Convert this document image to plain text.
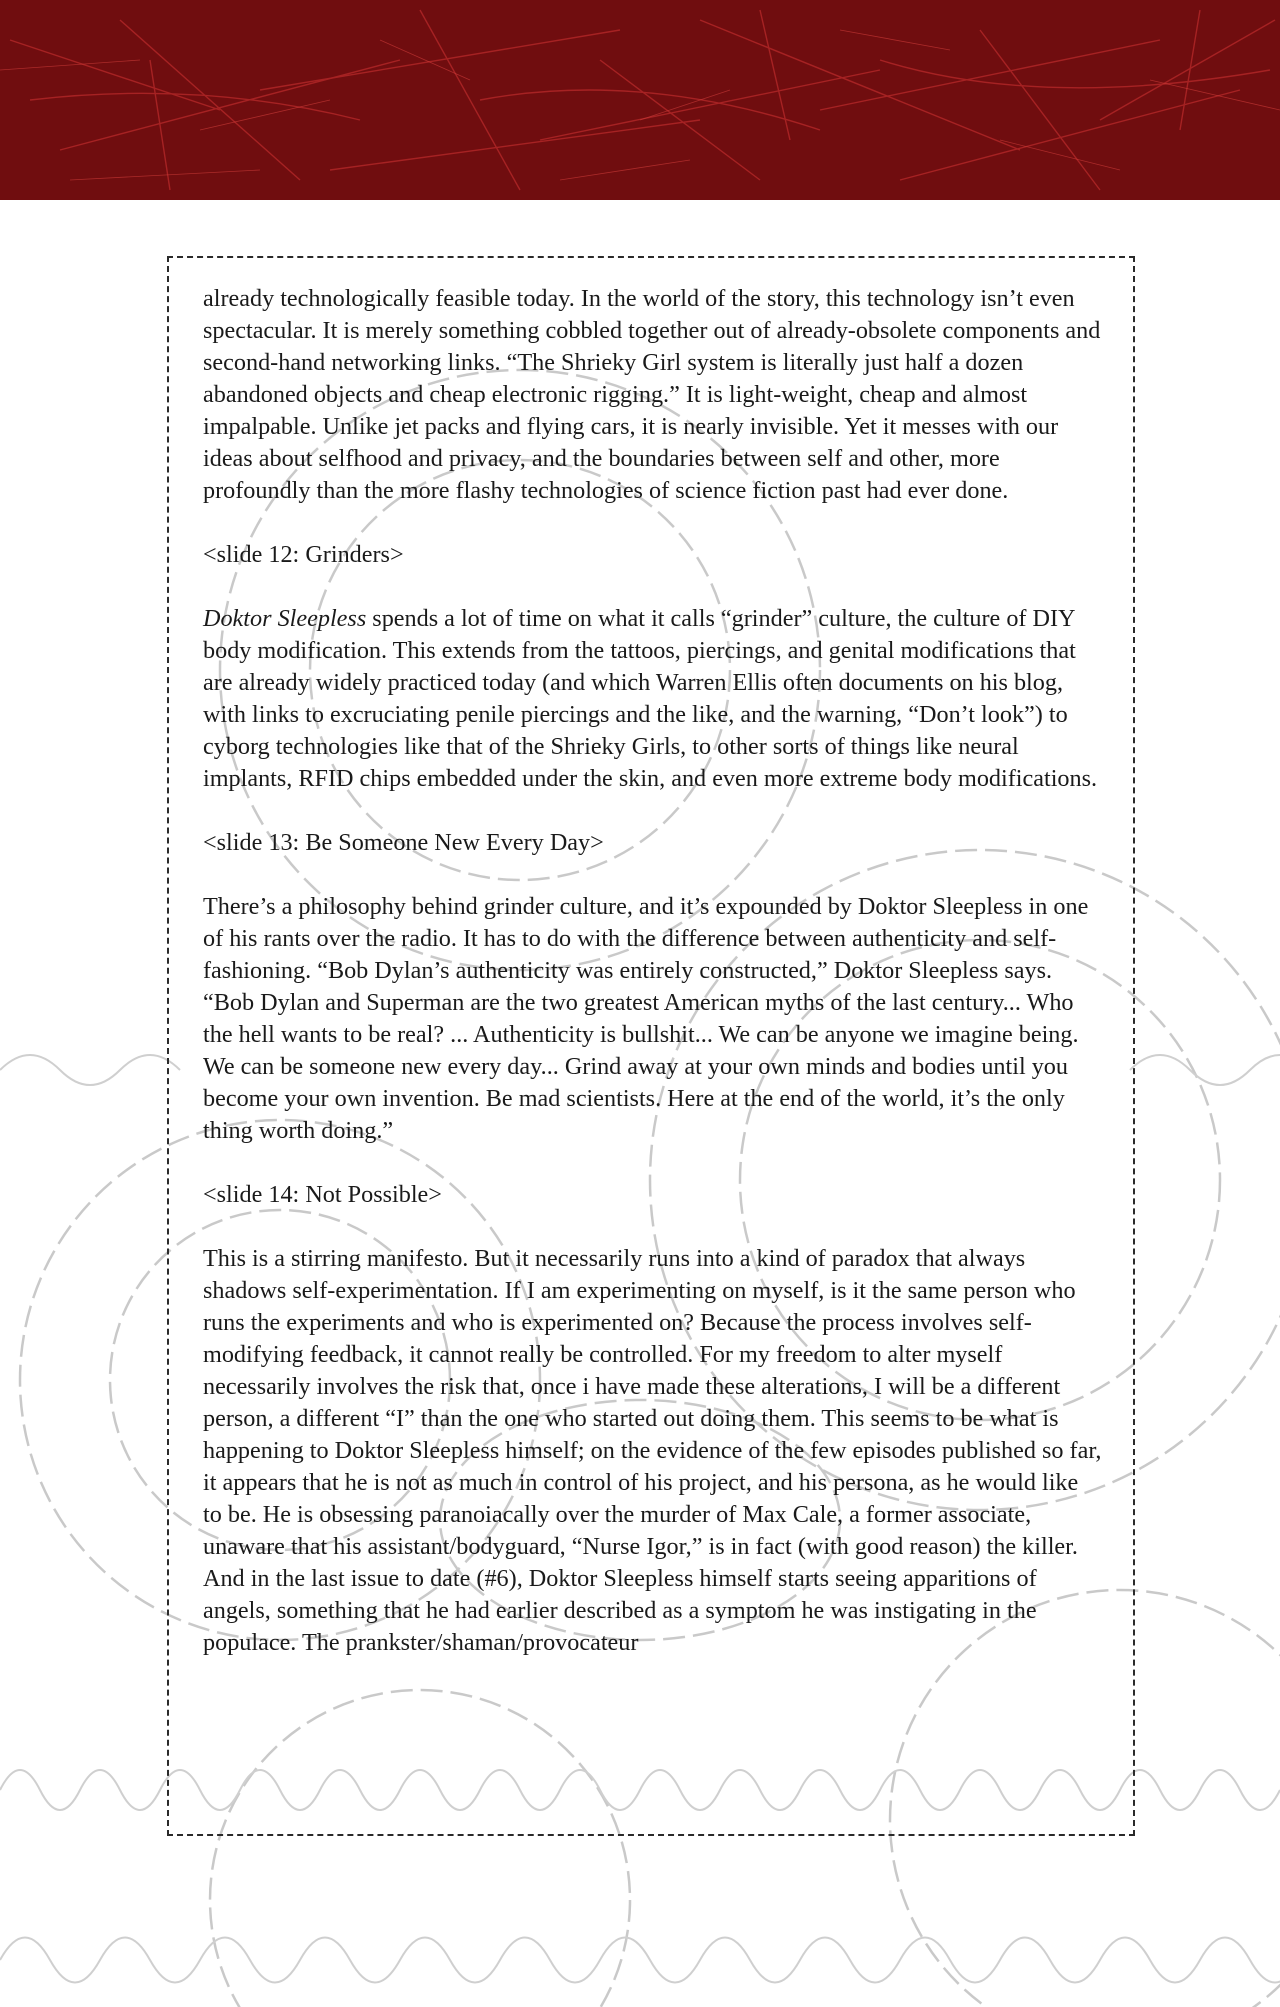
already technologically feasible today. In the world of the story, this technology isn’t even spectacular. It is merely something cobbled together out of already-obsolete components and second-hand networking links. “The Shrieky Girl system is literally just half a dozen abandoned objects and cheap electronic rigging.” It is light-weight, cheap and almost impalpable. Unlike jet packs and flying cars, it is nearly invisible. Yet it messes with our ideas about selfhood and privacy, and the boundaries between self and other, more profoundly than the more flashy technologies of science fiction past had ever done.

<slide 12: Grinders>

Doktor Sleepless spends a lot of time on what it calls “grinder” culture, the culture of DIY body modification. This extends from the tattoos, piercings, and genital modifications that are already widely practiced today (and which Warren Ellis often documents on his blog, with links to excruciating penile piercings and the like, and the warning, “Don’t look”) to cyborg technologies like that of the Shrieky Girls, to other sorts of things like neural implants, RFID chips embedded under the skin, and even more extreme body modifications.

<slide 13: Be Someone New Every Day>

There’s a philosophy behind grinder culture, and it’s expounded by Doktor Sleepless in one of his rants over the radio. It has to do with the difference between authenticity and self-fashioning. “Bob Dylan’s authenticity was entirely constructed,” Doktor Sleepless says. “Bob Dylan and Superman are the two greatest American myths of the last century... Who the hell wants to be real? ... Authenticity is bullshit... We can be anyone we imagine being. We can be someone new every day... Grind away at your own minds and bodies until you become your own invention. Be mad scientists. Here at the end of the world, it’s the only thing worth doing.”

<slide 14: Not Possible>

This is a stirring manifesto. But it necessarily runs into a kind of paradox that always shadows self-experimentation. If I am experimenting on myself, is it the same person who runs the experiments and who is experimented on? Because the process involves self-modifying feedback, it cannot really be controlled. For my freedom to alter myself necessarily involves the risk that, once i have made these alterations, I will be a different person, a different “I” than the one who started out doing them. This seems to be what is happening to Doktor Sleepless himself; on the evidence of the few episodes published so far, it appears that he is not as much in control of his project, and his persona, as he would like to be. He is obsessing paranoiacally over the murder of Max Cale, a former associate, unaware that his assistant/bodyguard, “Nurse Igor,” is in fact (with good reason) the killer. And in the last issue to date (#6), Doktor Sleepless himself starts seeing apparitions of angels, something that he had earlier described as a symptom he was instigating in the populace. The prankster/shaman/provocateur
